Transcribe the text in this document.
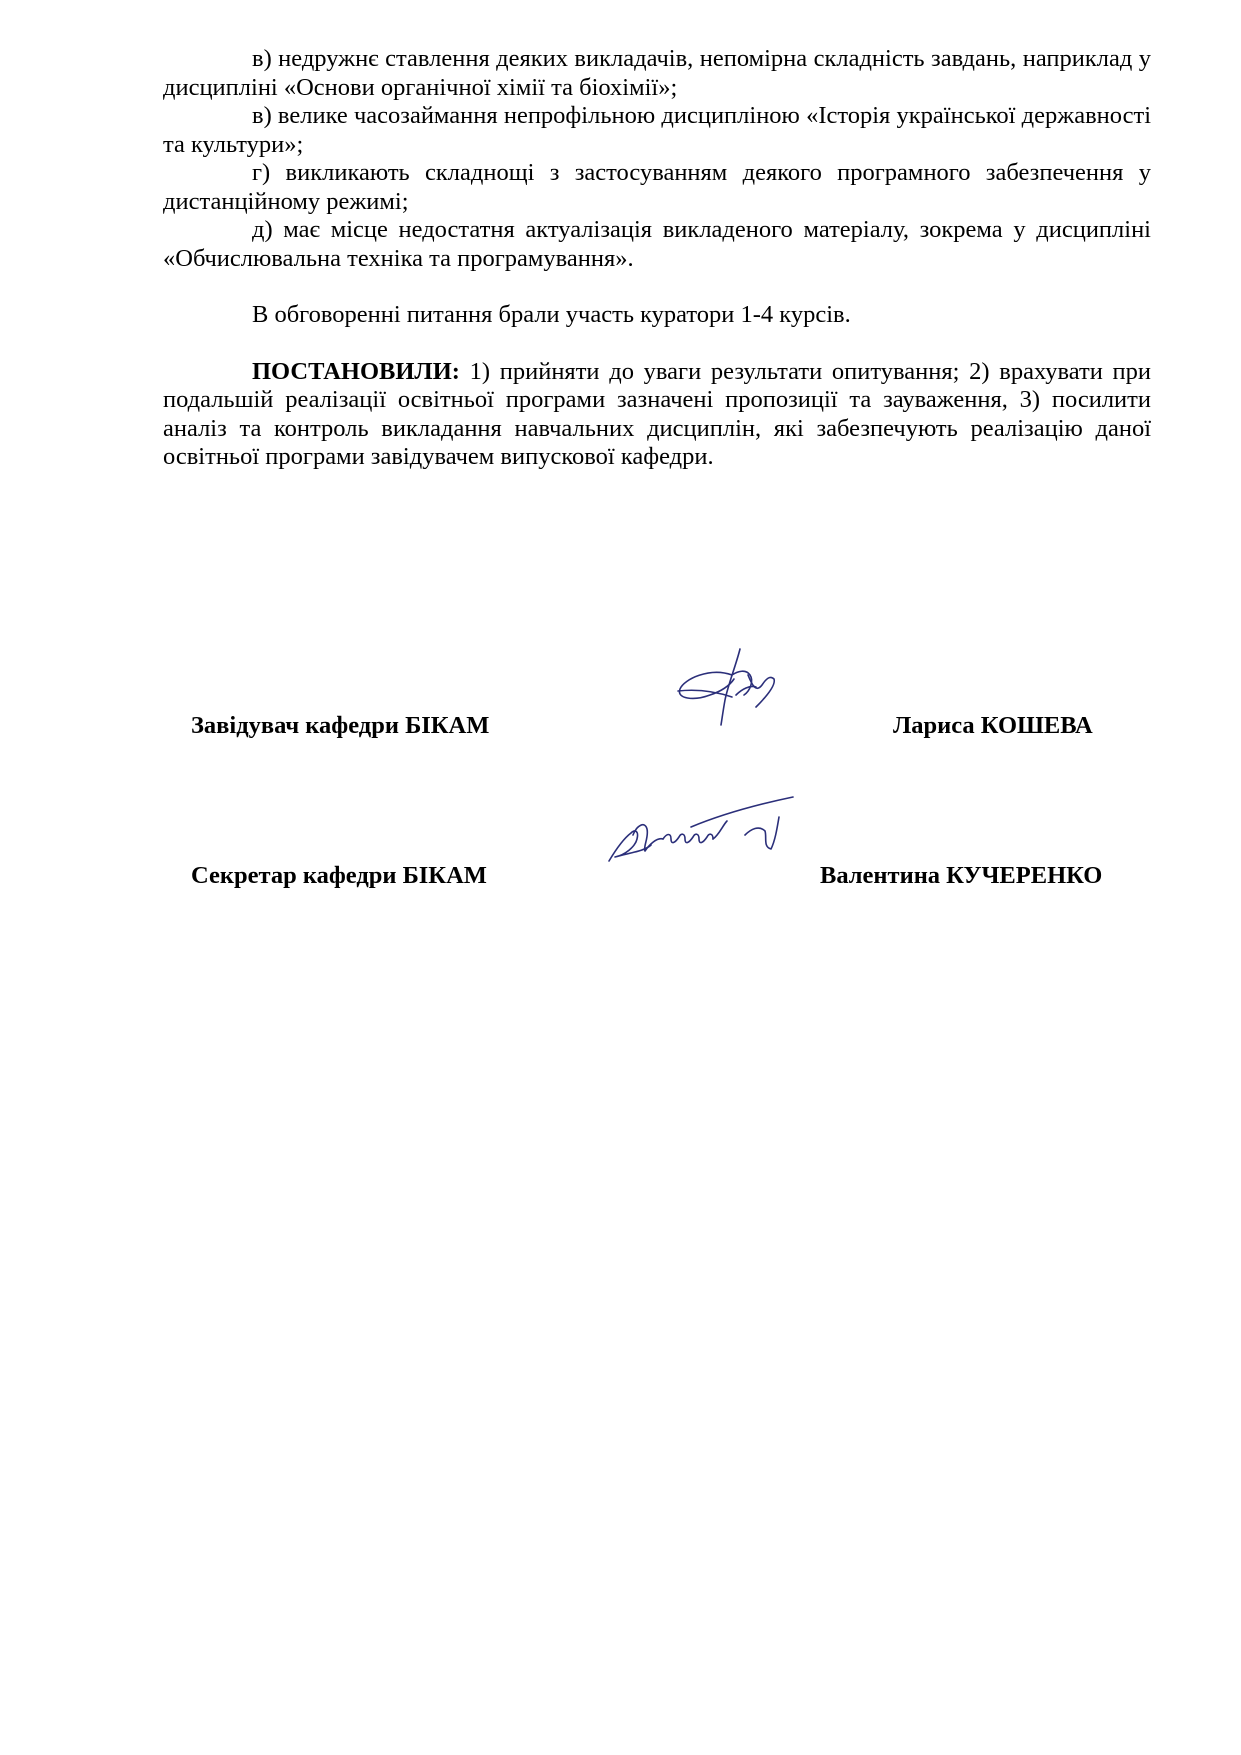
в) недружнє ставлення деяких викладачів, непомірна складність завдань, наприклад у дисципліні «Основи органічної хімії та біохімії»;

в) велике часозаймання непрофільною дисципліною «Історія української державності та культури»;

г) викликають складнощі з застосуванням деякого програмного забезпечення у дистанційному режимі;

д) має місце недостатня актуалізація викладеного матеріалу, зокрема у дисципліні «Обчислювальна техніка та програмування».

В обговоренні питання брали участь куратори 1-4 курсів.

ПОСТАНОВИЛИ: 1) прийняти до уваги результати опитування; 2) врахувати при подальшій реалізації освітньої програми зазначені пропозиції та зауваження, 3) посилити аналіз та контроль викладання навчальних дисциплін, які забезпечують реалізацію даної освітньої програми завідувачем випускової кафедри.

Завідувач кафедри БІКАМ	Лариса КОШЕВА
Секретар кафедри БІКАМ	Валентина КУЧЕРЕНКО
